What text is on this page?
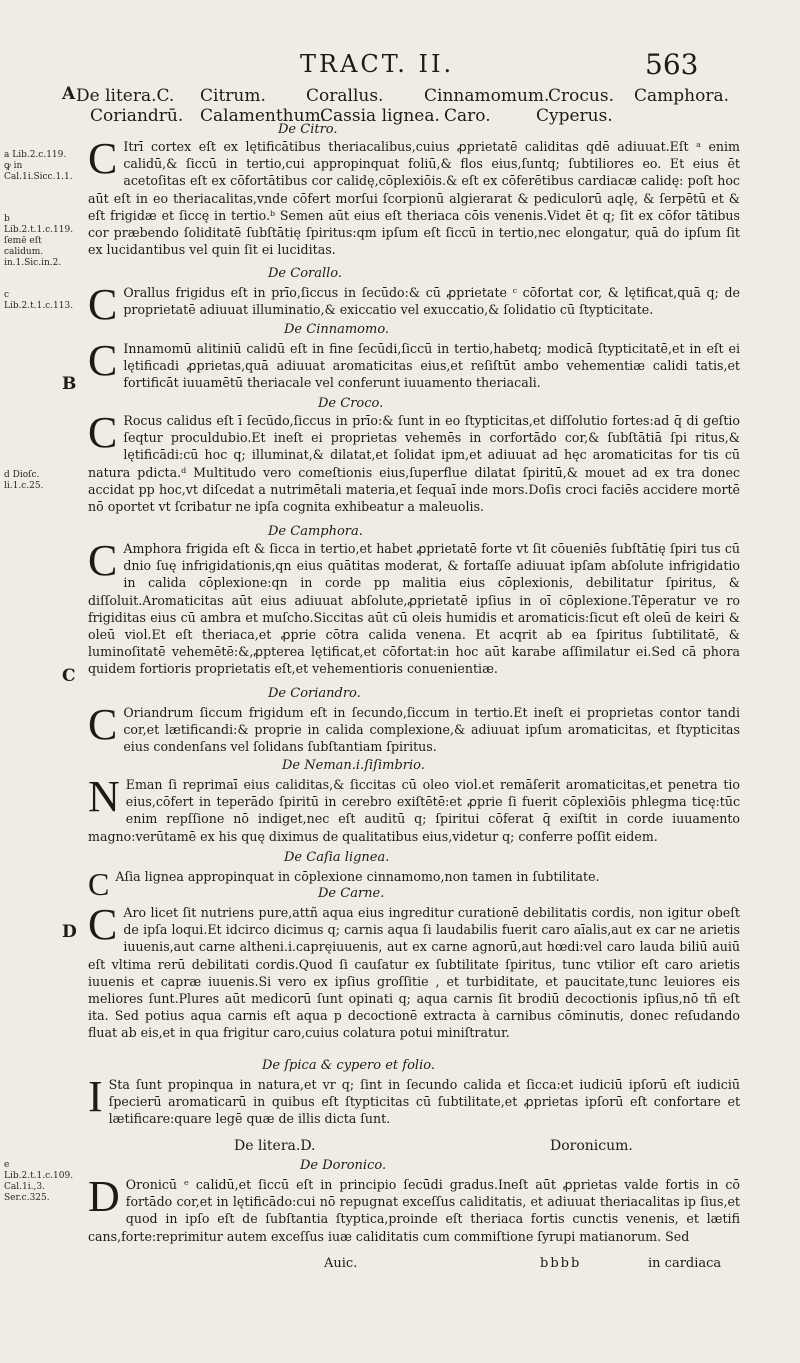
TRACT. II.	563
A De litera.C. Citrum. Corallus. Cinnamomum.
Crocus. Camphora.
Coriandrū. Calamenthum.
Cassia lignea. Caro.	Cyperus.
a Lib.2.c.119. ꝙ in Cal.1i.Sicc.1.1.
b Lib.2.t.1.c.119. ſemē eſt calidum. in.1.Sic.in.2.
c Lib.2.t.1.c.113.
d Dioſc. li.1.c.25.
e Lib.2.t.1.c.109. Cal.1i.,3. Ser.c.325.
De Citro.
C Itrī cortex eſt ex lętificātibus theriacalibus,cuius ꝓprietatē caliditas qdē adiuuat.Eſt ᵃ enim calidū,& ſiccū in tertio,cui appropinquat foliū,& flos eius,ſuntq; ſubtiliores eo. Et eius ēt acetoſitas eſt ex cōfortātibus cor calidę,cōplexiōis.& eſt ex cōferētibus cardiacæ calidę: poſt hoc aūt eſt in eo theriacalitas,vnde cōfert morſui ſcorpionū algierarat & pediculorū aqlę, & ſerpētū et & eſt frigidæ et ſiccę in tertio.ᵇ Semen aūt eius eſt theriaca cōis venenis.Videt ēt q; ſit ex cōfor tātibus cor præbendo ſoliditatē ſubſtātię ſpiritus:qm ipſum eſt ſiccū in tertio,nec elongatur, quā do ipſum ſit ex lucidantibus vel quin ſit ei luciditas.
De Corallo.
C Orallus frigidus eſt in prīo,ſiccus in ſecūdo:& cū ꝓprietate ᶜ cōfortat cor, & lętificat,quā q; de proprietatē adiuuat illuminatio,& exiccatio vel exuccatio,& ſolidatio cū ſtypticitate.
De Cinnamomo.
B C Innamomū alitiniū calidū eſt in fine ſecūdi,ſiccū in tertio,habetq; modicā ſtypticitatē,et in eſt ei lętificadi ꝓprietas,quā adiuuat aromaticitas eius,et reſiſtūt ambo vehementiæ calidi tatis,et fortificāt iuuamētū theriacale vel conferunt iuuamento theriacali.
De Croco.
C Rocus calidus eſt ī ſecūdo,ſiccus in prīo:& ſunt in eo ſtypticitas,et diſſolutio fortes:ad q̄ di geſtio ſeqtur proculdubio.Et ineſt ei proprietas vehemēs in corfortādo cor,& ſubſtātiā ſpi ritus,& lętificādi:cū hoc q; illuminat,& dilatat,et ſolidat ipm,et adiuuat ad hęc aromaticitas for tis cū natura pdicta.ᵈ Multitudo vero comeſtionis eius,ſuperflue dilatat ſpiritū,& mouet ad ex tra donec accidat pp hoc,vt diſcedat a nutrimētali materia,et ſequaī inde mors.Doſis croci faciēs accidere mortē nō oportet vt ſcribatur ne ipſa cognita exhibeatur a maleuolis.
De Camphora.
C
C Amphora frigida eſt & ſicca in tertio,et habet ꝓprietatē forte vt ſit cōueniēs ſubſtātię ſpiri tus cū dnio ſuę infrigidationis,qn eius quātitas moderat, & fortaſſe adiuuat ipſam abſolute infrigidatio in calida cōplexione:qn in corde pp malitia eius cōplexionis, debilitatur ſpiritus, & diſſoluit.Aromaticitas aūt eius adiuuat abſolute,ꝓprietatē ipſius in oī cōplexione.Tēperatur ve ro frigiditas eius cū ambra et muſcho.Siccitas aūt cū oleis humidis et aromaticis:ſicut eſt oleū de keiri & oleū viol.Et eſt theriaca,et ꝓprie cōtra calida venena. Et acqrit ab ea ſpiritus ſubtilitatē, & luminoſitatē vehemētē:&,ꝓpterea lętificat,et cōfortat:in hoc aūt karabe aſſimilatur ei.Sed cā phora quidem fortioris proprietatis eſt,et vehementioris conuenientiæ.
De Coriandro.
C Oriandrum ſiccum frigidum eſt in ſecundo,ſiccum in tertio.Et ineſt ei proprietas contor tandi cor,et lætificandi:& proprie in calida complexione,& adiuuat ipſum aromaticitas, et ſtypticitas eius condenſans vel ſolidans ſubſtantiam ſpiritus.
De Neman.i.ſiſimbrio.
N Eman ſi reprimaī eius caliditas,& ſiccitas cū oleo viol.et remāſerit aromaticitas,et penetra tio eius,cōfert in teperādo ſpiritū in cerebro exiſtētē:et ꝓprie ſi fuerit cōplexiōis phlegma ticę:tūc enim repſſione nō indiget,nec eſt auditū q; ſpiritui cōferat q̄ exiſtit in corde iuuamento magno:verūtamē ex his quę diximus de qualitatibus eius,videtur q; conferre poſſit eidem.
De Caſia lignea.
C Aſia lignea appropinquat in cōplexione cinnamomo,non tamen in ſubtilitate.
De Carne.
D C Aro licet ſit nutriens pure,attñ aqua eius ingreditur curationē debilitatis cordis, non igitur obeſt de ipſa loqui.Et idcirco dicimus q; carnis aqua ſi laudabilis fuerit caro aīalis,aut ex car ne arietis iuuenis,aut carne altheni.i.capręiuuenis, aut ex carne agnorū,aut hœdi:vel caro lauda biliū auiū eſt vltima rerū debilitati cordis.Quod ſi cauſatur ex ſubtilitate ſpiritus, tunc vtilior eſt caro arietis iuuenis et capræ iuuenis.Si vero ex ipſius groſſitie , et turbiditate, et paucitate,tunc leuiores eis meliores ſunt.Plures aūt medicorū ſunt opinati q; aqua carnis ſit brodiū decoctionis ipſius,nō tñ eſt ita. Sed potius aqua carnis eſt aqua p decoctionē extracta à carnibus cōminutis, donec reſudando fluat ab eis,et in qua frigitur caro,cuius colatura potui miniſtratur.
De ſpica & cypero et folio.
I Sta ſunt propinqua in natura,et vr q; ſint in ſecundo calida et ſicca:et iudiciū ipſorū eſt iudiciū ſpecierū aromaticarū in quibus eſt ſtypticitas cū ſubtilitate,et ꝓprietas ipſorū eſt confortare et lætificare:quare legē quæ de illis dicta ſunt.
De litera.D.	Doronicum.
De Doronico.
D Oronicū ᵉ calidū,et ſiccū eſt in principio ſecūdi gradus.Ineſt aūt ꝓprietas valde fortis in cō fortādo cor,et in lętificādo:cui nō repugnat exceſſus caliditatis, et adiuuat theriacalitas ip ſius,et quod in ipſo eſt de ſubſtantia ſtyptica,proinde eſt theriaca fortis cunctis venenis, et lætifi cans,forte:reprimitur autem exceſſus iuæ caliditatis cum commiſtione ſyrupi matianorum. Sed
Auic.	bbbb	in cardiaca
